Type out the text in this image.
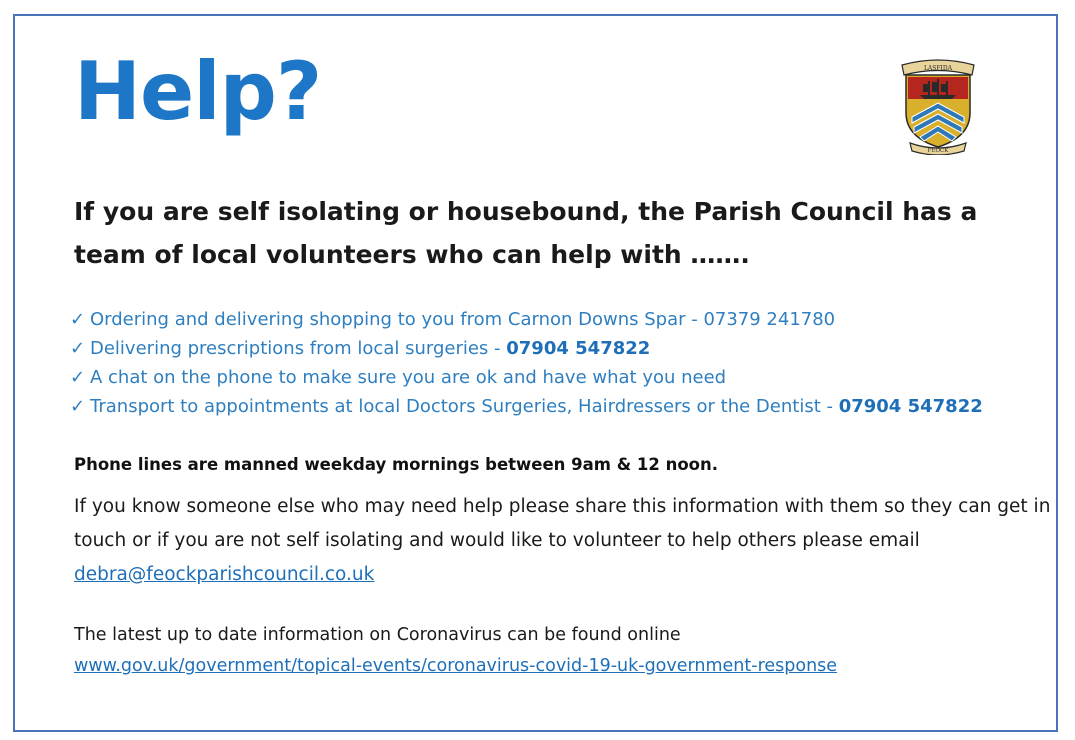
Help?	LASFIDA
FEOCK

If you are self isolating or housebound, the Parish Council has a team of local volunteers who can help with …….

✓ Ordering and delivering shopping to you from Carnon Downs Spar - 07379 241780
✓ Delivering prescriptions from local surgeries - 07904 547822
✓ A chat on the phone to make sure you are ok and have what you need
✓ Transport to appointments at local Doctors Surgeries, Hairdressers or the Dentist - 07904 547822

Phone lines are manned weekday mornings between 9am & 12 noon.

If you know someone else who may need help please share this information with them so they can get in touch or if you are not self isolating and would like to volunteer to help others please email debra@feockparishcouncil.co.uk

The latest up to date information on Coronavirus can be found online
www.gov.uk/government/topical-events/coronavirus-covid-19-uk-government-response
